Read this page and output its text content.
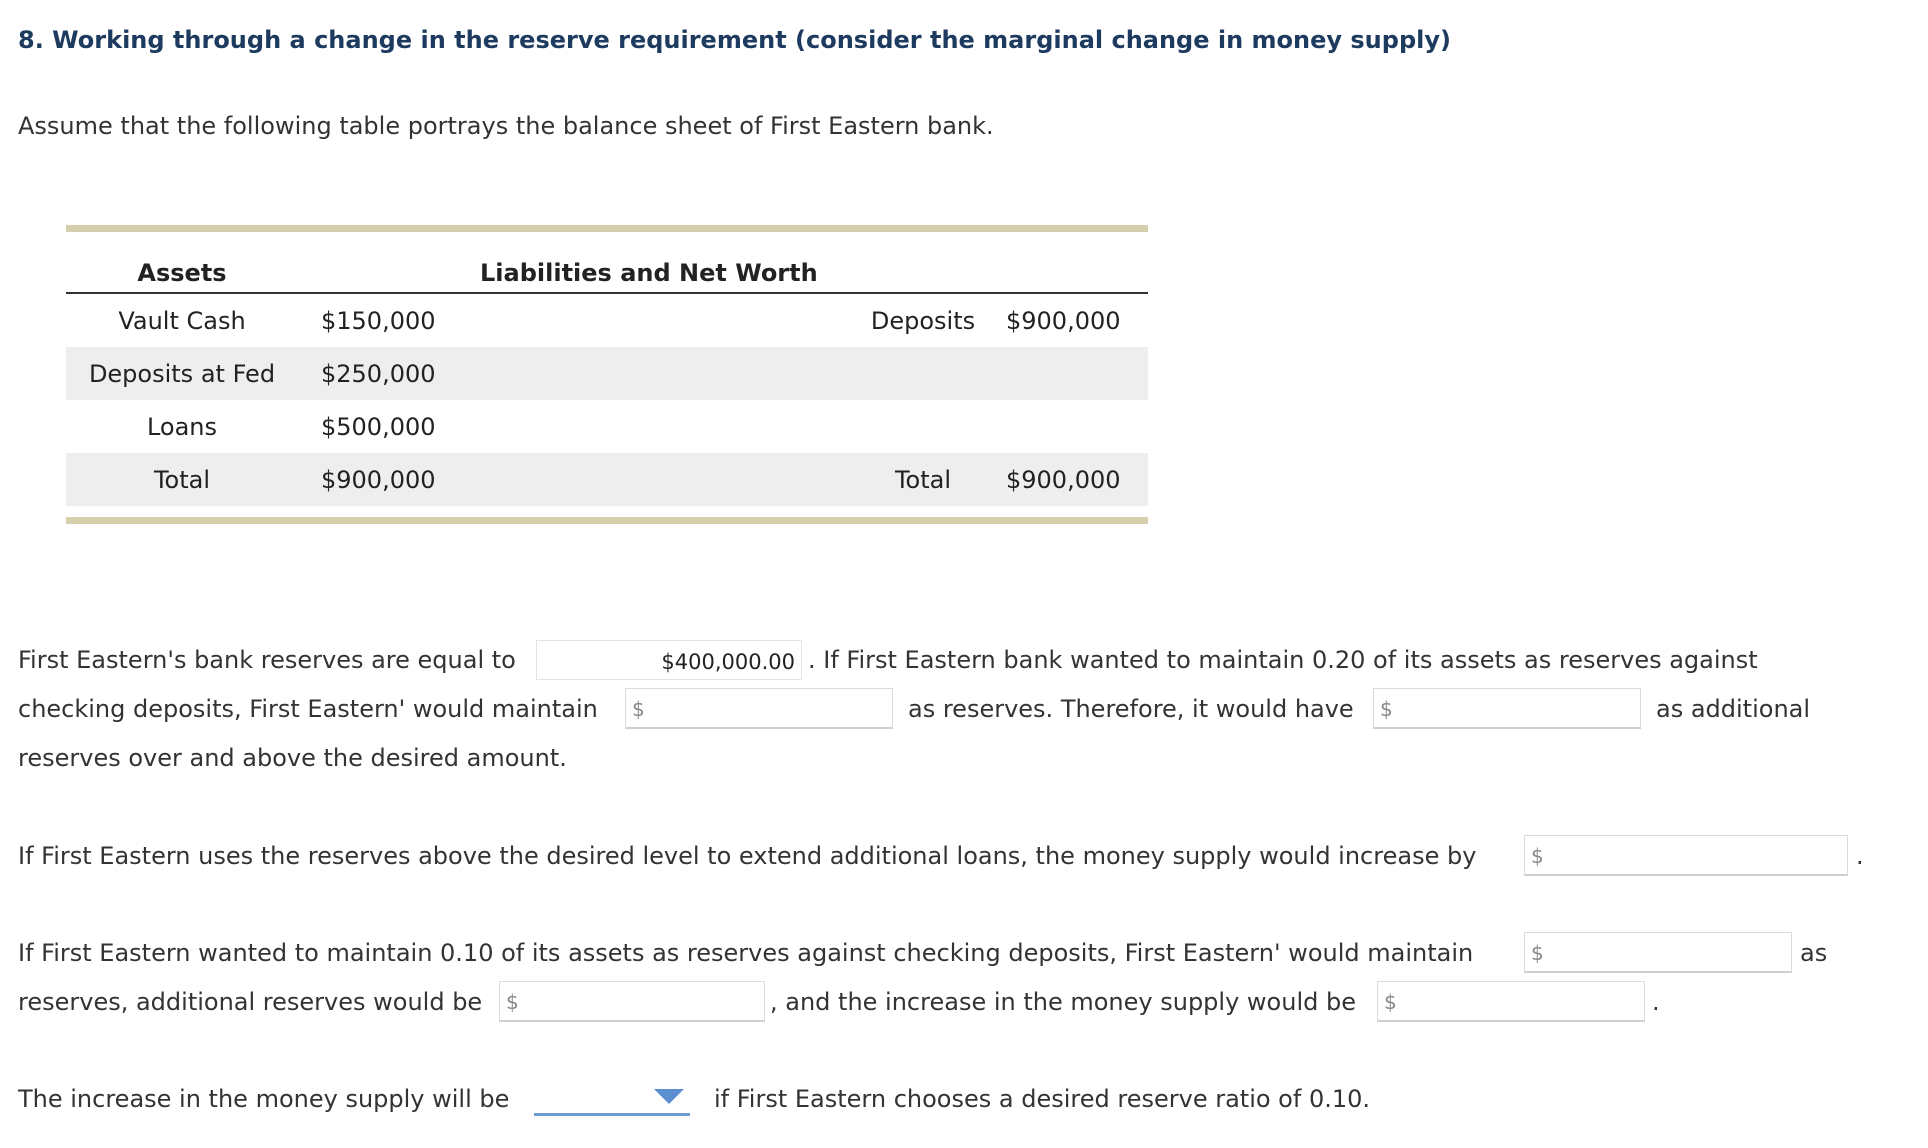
8. Working through a change in the reserve requirement (consider the marginal change in money supply)
Assume that the following table portrays the balance sheet of First Eastern bank.
Assets	Liabilities and Net Worth
Vault Cash	$150,000	Deposits	$900,000
Deposits at Fed	$250,000
Loans	$500,000
Total	$900,000	Total	$900,000
First Eastern's bank reserves are equal to	$400,000.00 . If First Eastern bank wanted to maintain 0.20 of its assets as reserves against
checking deposits, First Eastern' would maintain $	as reserves. Therefore, it would have $	as additional
reserves over and above the desired amount.
If First Eastern uses the reserves above the desired level to extend additional loans, the money supply would increase by	$	.
If First Eastern wanted to maintain 0.10 of its assets as reserves against checking deposits, First Eastern' would maintain	$	as
reserves, additional reserves would be $	, and the increase in the money supply would be $	.
The increase in the money supply will be	if First Eastern chooses a desired reserve ratio of 0.10.
